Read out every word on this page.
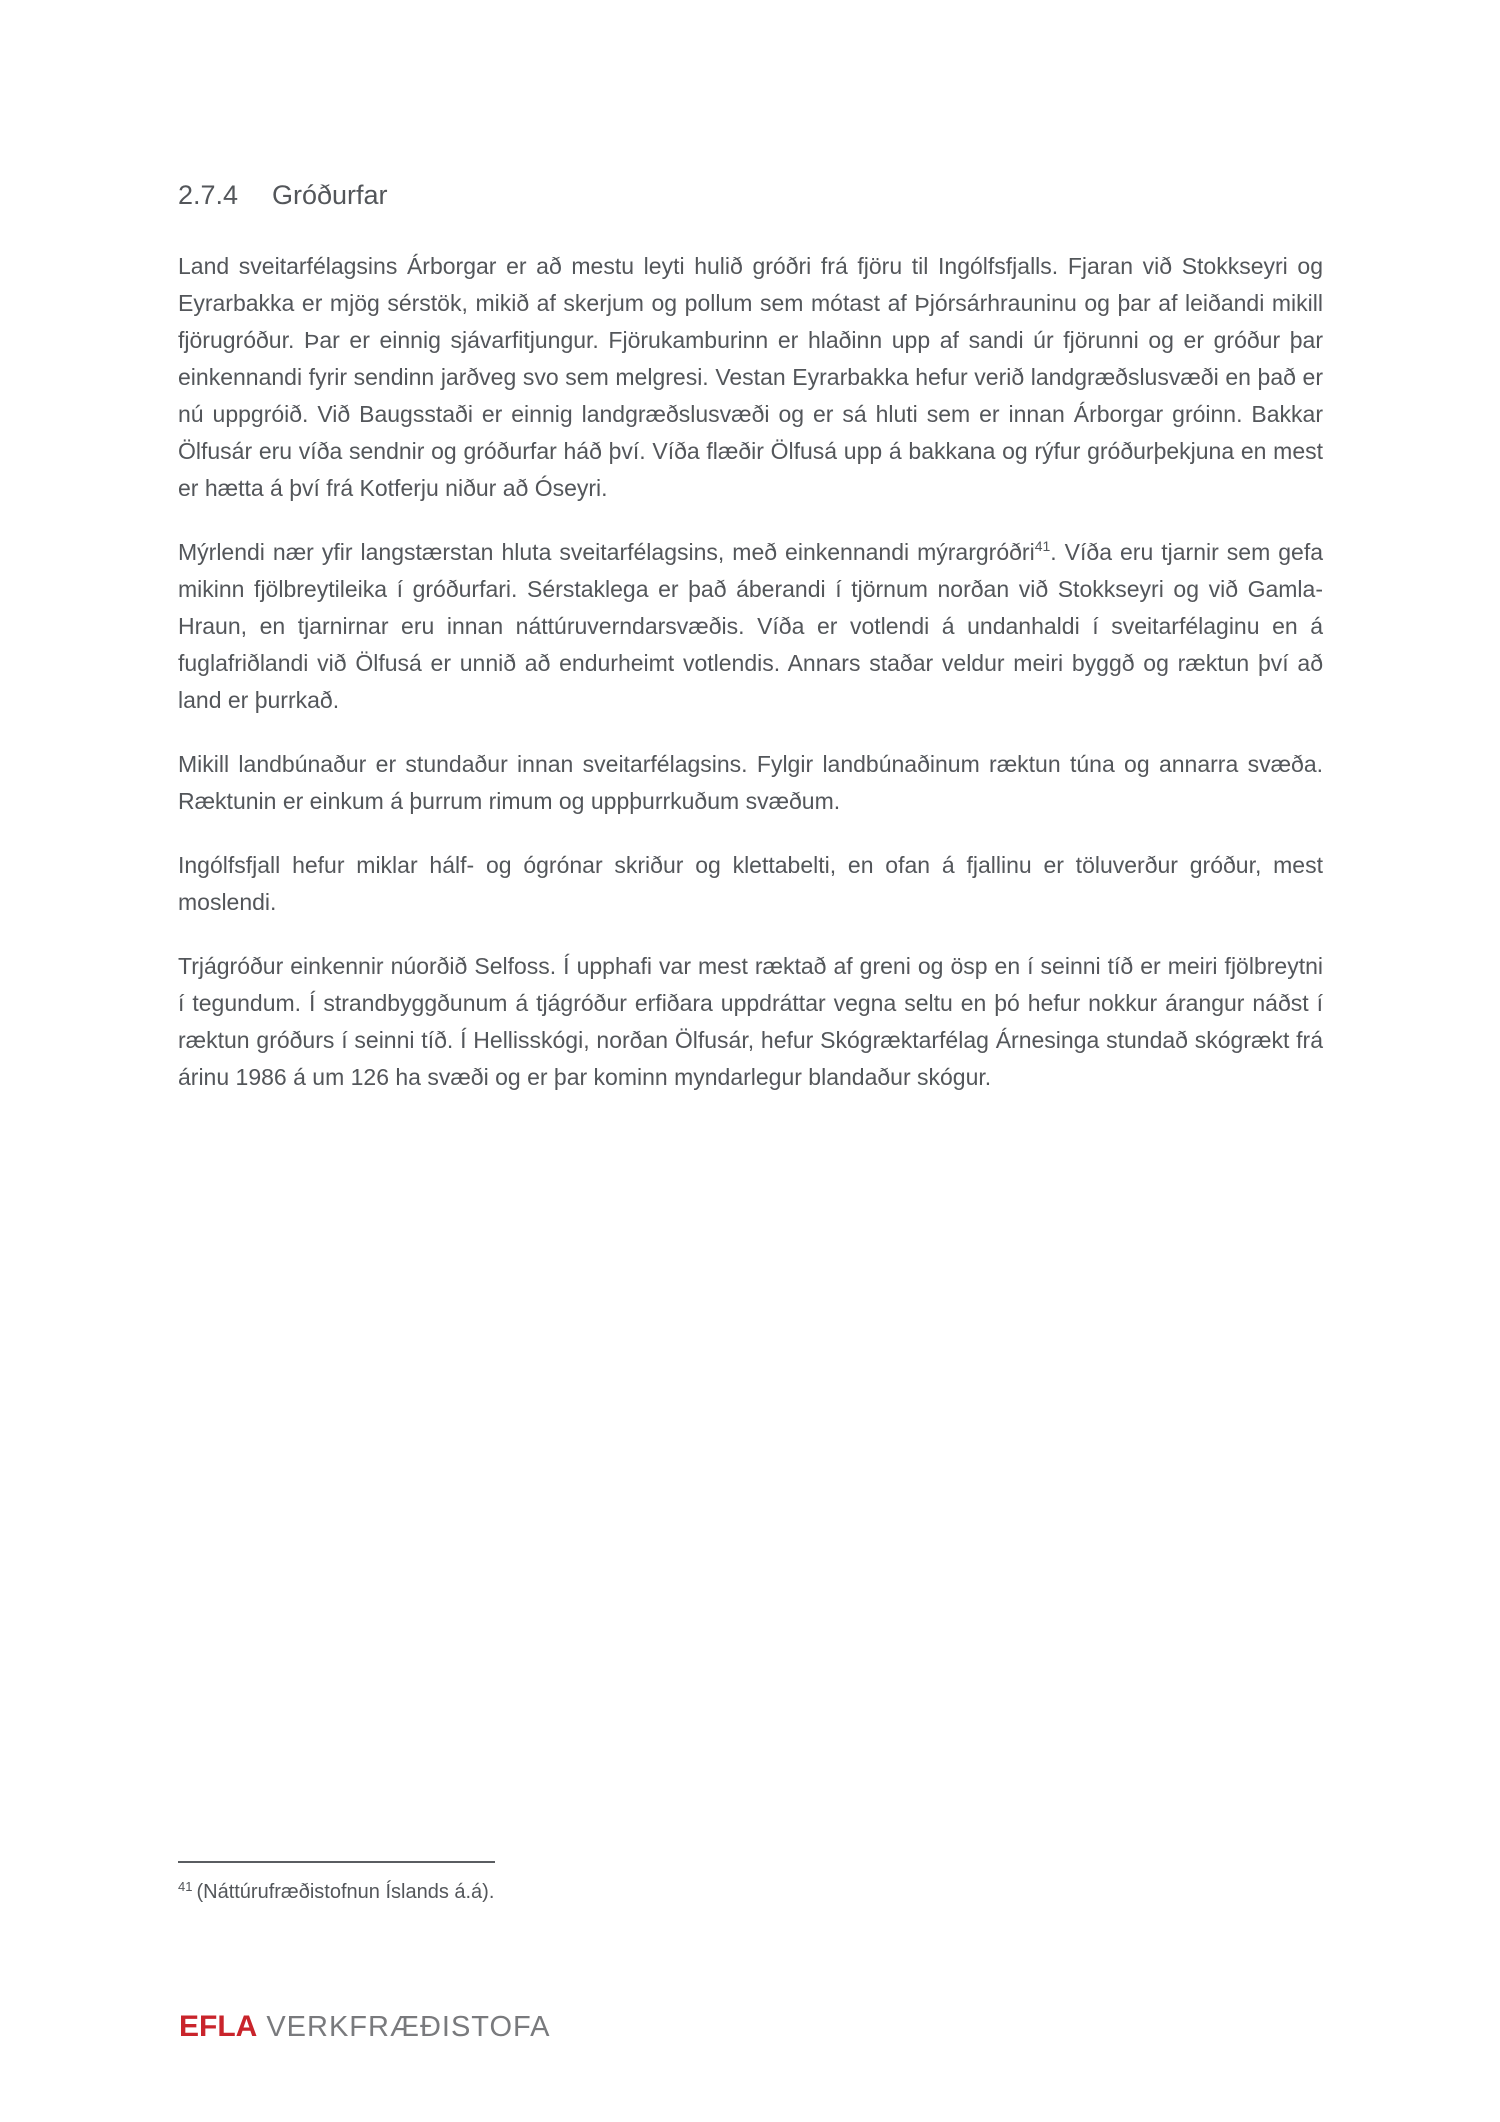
2.7.4 Gróðurfar

Land sveitarfélagsins Árborgar er að mestu leyti hulið gróðri frá fjöru til Ingólfsfjalls. Fjaran við Stokkseyri og Eyrarbakka er mjög sérstök, mikið af skerjum og pollum sem mótast af Þjórsárhrauninu og þar af leiðandi mikill fjörugróður. Þar er einnig sjávarfitjungur. Fjörukamburinn er hlaðinn upp af sandi úr fjörunni og er gróður þar einkennandi fyrir sendinn jarðveg svo sem melgresi. Vestan Eyrarbakka hefur verið landgræðslusvæði en það er nú uppgróið. Við Baugsstaði er einnig landgræðslusvæði og er sá hluti sem er innan Árborgar gróinn. Bakkar Ölfusár eru víða sendnir og gróðurfar háð því. Víða flæðir Ölfusá upp á bakkana og rýfur gróðurþekjuna en mest er hætta á því frá Kotferju niður að Óseyri.

Mýrlendi nær yfir langstærstan hluta sveitarfélagsins, með einkennandi mýrargróðri$^{41}$. Víða eru tjarnir sem gefa mikinn fjölbreytileika í gróðurfari. Sérstaklega er það áberandi í tjörnum norðan við Stokkseyri og við Gamla-Hraun, en tjarnirnar eru innan náttúruverndarsvæðis. Víða er votlendi á undanhaldi í sveitarfélaginu en á fuglafriðlandi við Ölfusá er unnið að endurheimt votlendis. Annars staðar veldur meiri byggð og ræktun því að land er þurrkað.

Mikill landbúnaður er stundaður innan sveitarfélagsins. Fylgir landbúnaðinum ræktun túna og annarra svæða. Ræktunin er einkum á þurrum rimum og uppþurrkuðum svæðum.

Ingólfsfjall hefur miklar hálf- og ógrónar skriður og klettabelti, en ofan á fjallinu er töluverður gróður, mest moslendi.

Trjágróður einkennir núorðið Selfoss. Í upphafi var mest ræktað af greni og ösp en í seinni tíð er meiri fjölbreytni í tegundum. Í strandbyggðunum á tjágróður erfiðara uppdráttar vegna seltu en þó hefur nokkur árangur náðst í ræktun gróðurs í seinni tíð. Í Hellisskógi, norðan Ölfusár, hefur Skógræktarfélag Árnesinga stundað skógrækt frá árinu 1986 á um 126 ha svæði og er þar kominn myndarlegur blandaður skógur.

$^{41}$ (Náttúrufræðistofnun Íslands á.á).
EFLA VERKFRÆÐISTOFA
